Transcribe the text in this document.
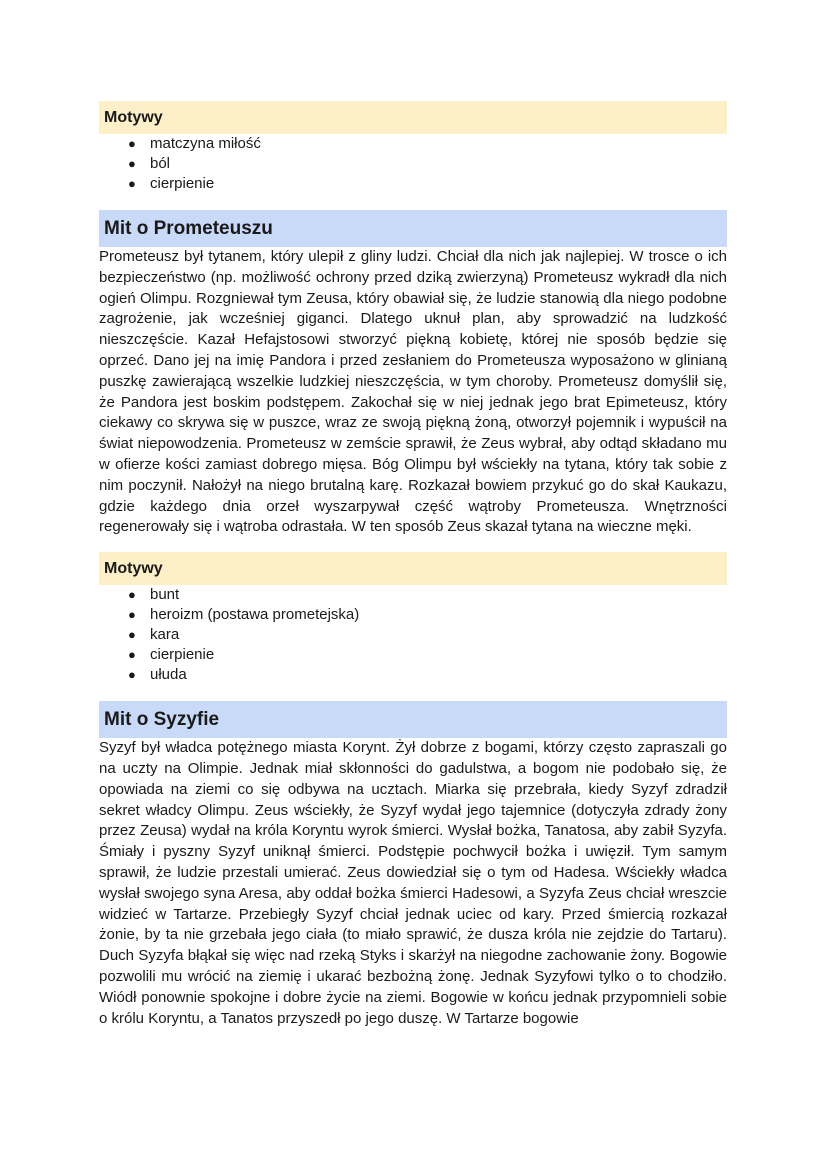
Motywy
● matczyna miłość
● ból
● cierpienie
Mit o Prometeuszu

Prometeusz był tytanem, który ulepił z gliny ludzi. Chciał dla nich jak najlepiej. W trosce o ich bezpieczeństwo (np. możliwość ochrony przed dziką zwierzyną) Prometeusz wykradł dla nich ogień Olimpu. Rozgniewał tym Zeusa, który obawiał się, że ludzie stanowią dla niego podobne zagrożenie, jak wcześniej giganci. Dlatego uknuł plan, aby sprowadzić na ludzkość nieszczęście. Kazał Hefajstosowi stworzyć piękną kobietę, której nie sposób będzie się oprzeć. Dano jej na imię Pandora i przed zesłaniem do Prometeusza wyposażono w glinianą puszkę zawierającą wszelkie ludzkiej nieszczęścia, w tym choroby. Prometeusz domyślił się, że Pandora jest boskim podstępem. Zakochał się w niej jednak jego brat Epimeteusz, który ciekawy co skrywa się w puszce, wraz ze swoją piękną żoną, otworzył pojemnik i wypuścił na świat niepowodzenia. Prometeusz w zemście sprawił, że Zeus wybrał, aby odtąd składano mu w ofierze kości zamiast dobrego mięsa. Bóg Olimpu był wściekły na tytana, który tak sobie z nim poczynił. Nałożył na niego brutalną karę. Rozkazał bowiem przykuć go do skał Kaukazu, gdzie każdego dnia orzeł wyszarpywał część wątroby Prometeusza. Wnętrzności regenerowały się i wątroba odrastała. W ten sposób Zeus skazał tytana na wieczne męki.

Motywy
● bunt
● heroizm (postawa prometejska)
● kara
● cierpienie
● ułuda
Mit o Syzyfie

Syzyf był władca potężnego miasta Korynt. Żył dobrze z bogami, którzy często zapraszali go na uczty na Olimpie. Jednak miał skłonności do gadulstwa, a bogom nie podobało się, że opowiada na ziemi co się odbywa na ucztach. Miarka się przebrała, kiedy Syzyf zdradził sekret władcy Olimpu. Zeus wściekły, że Syzyf wydał jego tajemnice (dotyczyła zdrady żony przez Zeusa) wydał na króla Koryntu wyrok śmierci. Wysłał bożka, Tanatosa, aby zabił Syzyfa. Śmiały i pyszny Syzyf uniknął śmierci. Podstępie pochwycił bożka i uwięził. Tym samym sprawił, że ludzie przestali umierać. Zeus dowiedział się o tym od Hadesa. Wściekły władca wysłał swojego syna Aresa, aby oddał bożka śmierci Hadesowi, a Syzyfa Zeus chciał wreszcie widzieć w Tartarze. Przebiegły Syzyf chciał jednak uciec od kary. Przed śmiercią rozkazał żonie, by ta nie grzebała jego ciała (to miało sprawić, że dusza króla nie zejdzie do Tartaru). Duch Syzyfa błąkał się więc nad rzeką Styks i skarżył na niegodne zachowanie żony. Bogowie pozwolili mu wrócić na ziemię i ukarać bezbożną żonę. Jednak Syzyfowi tylko o to chodziło. Wiódł ponownie spokojne i dobre życie na ziemi. Bogowie w końcu jednak przypomnieli sobie o królu Koryntu, a Tanatos przyszedł po jego duszę. W Tartarze bogowie
